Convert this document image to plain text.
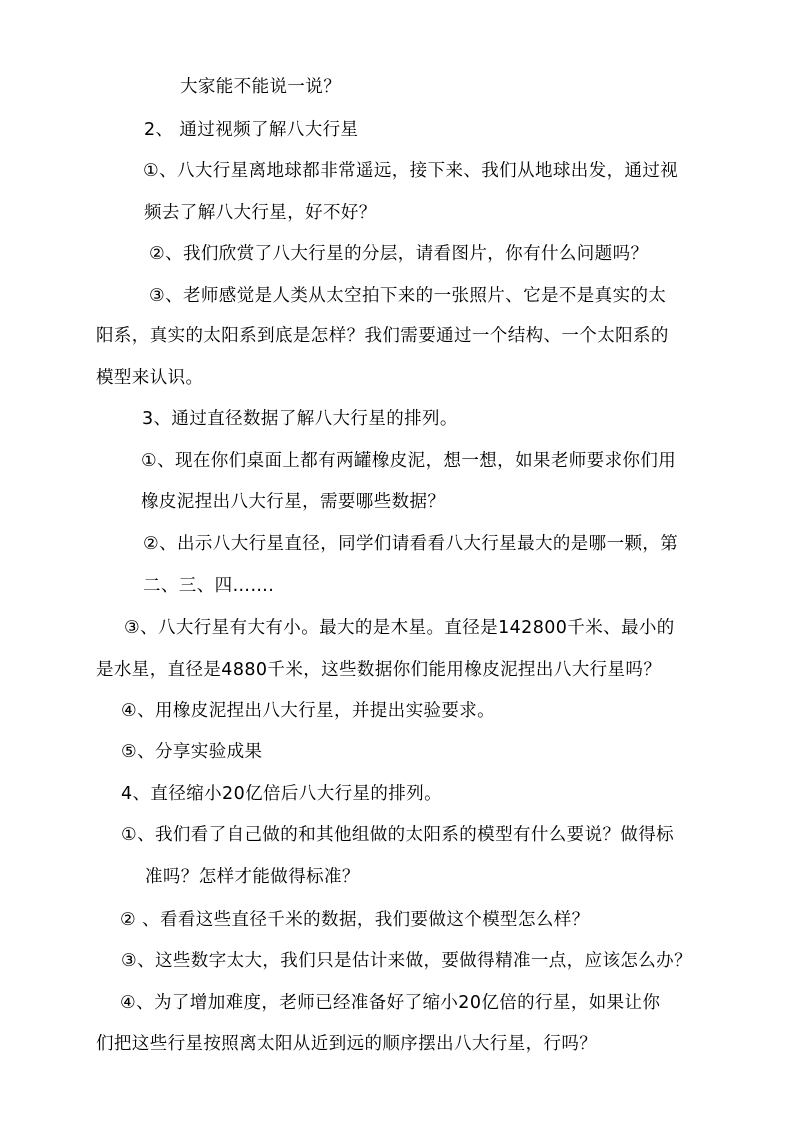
大家能不能说一说？
2、 通过视频了解八大行星
①、八大行星离地球都非常遥远，接下来、我们从地球出发，通过视
频去了解八大行星，好不好？
②、我们欣赏了八大行星的分层，请看图片，你有什么问题吗？
③、老师感觉是人类从太空拍下来的一张照片、它是不是真实的太
阳系，真实的太阳系到底是怎样？我们需要通过一个结构、一个太阳系的
模型来认识。
3、通过直径数据了解八大行星的排列。
①、现在你们桌面上都有两罐橡皮泥，想一想，如果老师要求你们用
橡皮泥捏出八大行星，需要哪些数据？
②、出示八大行星直径，同学们请看看八大行星最大的是哪一颗，第
二、三、四…….
③、八大行星有大有小。最大的是木星。直径是142800千米、最小的
是水星，直径是4880千米，这些数据你们能用橡皮泥捏出八大行星吗？
④、用橡皮泥捏出八大行星，并提出实验要求。
⑤、分享实验成果
4、直径缩小20亿倍后八大行星的排列。
①、我们看了自己做的和其他组做的太阳系的模型有什么要说？做得标
准吗？怎样才能做得标准？
② 、看看这些直径千米的数据，我们要做这个模型怎么样？
③、这些数字太大，我们只是估计来做，要做得精准一点，应该怎么办？
④、为了增加难度，老师已经准备好了缩小20亿倍的行星，如果让你
们把这些行星按照离太阳从近到远的顺序摆出八大行星，行吗？
